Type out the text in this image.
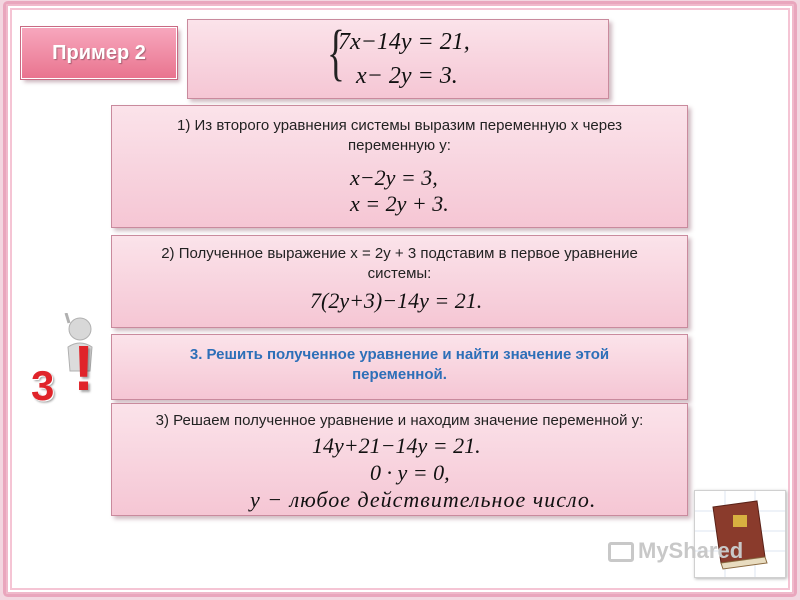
Пример 2	{
7x−14y = 21,
x− 2y = 3.
1) Из второго уравнения системы выразим переменную x через переменную y:
x−2y = 3,
x = 2y + 3.
2) Полученное выражение x = 2y + 3 подставим в первое уравнение системы:
7(2y+3)−14y = 21.
3. Решить полученное уравнение и найти значение этой переменной.
3) Решаем полученное уравнение и находим значение переменной y:
14y+21−14y = 21.
0 · y = 0,
y − любое действительное число.
3 !
MyShared
